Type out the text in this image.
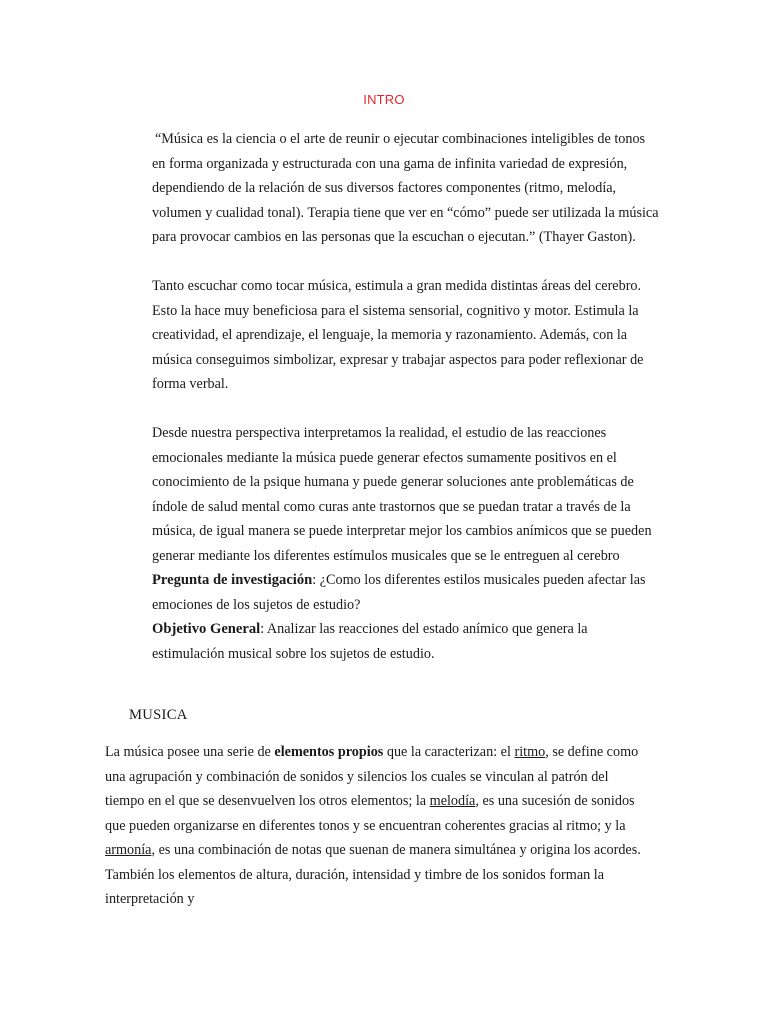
INTRO

“Música es la ciencia o el arte de reunir o ejecutar combinaciones inteligibles de tonos en forma organizada y estructurada con una gama de infinita variedad de expresión, dependiendo de la relación de sus diversos factores componentes (ritmo, melodía, volumen y cualidad tonal). Terapia tiene que ver en “cómo” puede ser utilizada la música para provocar cambios en las personas que la escuchan o ejecutan.” (Thayer Gaston).

Tanto escuchar como tocar música, estimula a gran medida distintas áreas del cerebro. Esto la hace muy beneficiosa para el sistema sensorial, cognitivo y motor. Estimula la creatividad, el aprendizaje, el lenguaje, la memoria y razonamiento. Además, con la música conseguimos simbolizar, expresar y trabajar aspectos para poder reflexionar de forma verbal.

Desde nuestra perspectiva interpretamos la realidad, el estudio de las reacciones emocionales mediante la música puede generar efectos sumamente positivos en el conocimiento de la psique humana y puede generar soluciones ante problemáticas de índole de salud mental como curas ante trastornos que se puedan tratar a través de la música, de igual manera se puede interpretar mejor los cambios anímicos que se pueden generar mediante los diferentes estímulos musicales que se le entreguen al cerebro

Pregunta de investigación: ¿Como los diferentes estilos musicales pueden afectar las emociones de los sujetos de estudio?

Objetivo General: Analizar las reacciones del estado anímico que genera la estimulación musical sobre los sujetos de estudio.

MUSICA

La música posee una serie de elementos propios que la caracterizan: el ritmo, se define como una agrupación y combinación de sonidos y silencios los cuales se vinculan al patrón del tiempo en el que se desenvuelven los otros elementos; la melodía, es una sucesión de sonidos que pueden organizarse en diferentes tonos y se encuentran coherentes gracias al ritmo; y la armonía, es una combinación de notas que suenan de manera simultánea y origina los acordes. También los elementos de altura, duración, intensidad y timbre de los sonidos forman la interpretación y
